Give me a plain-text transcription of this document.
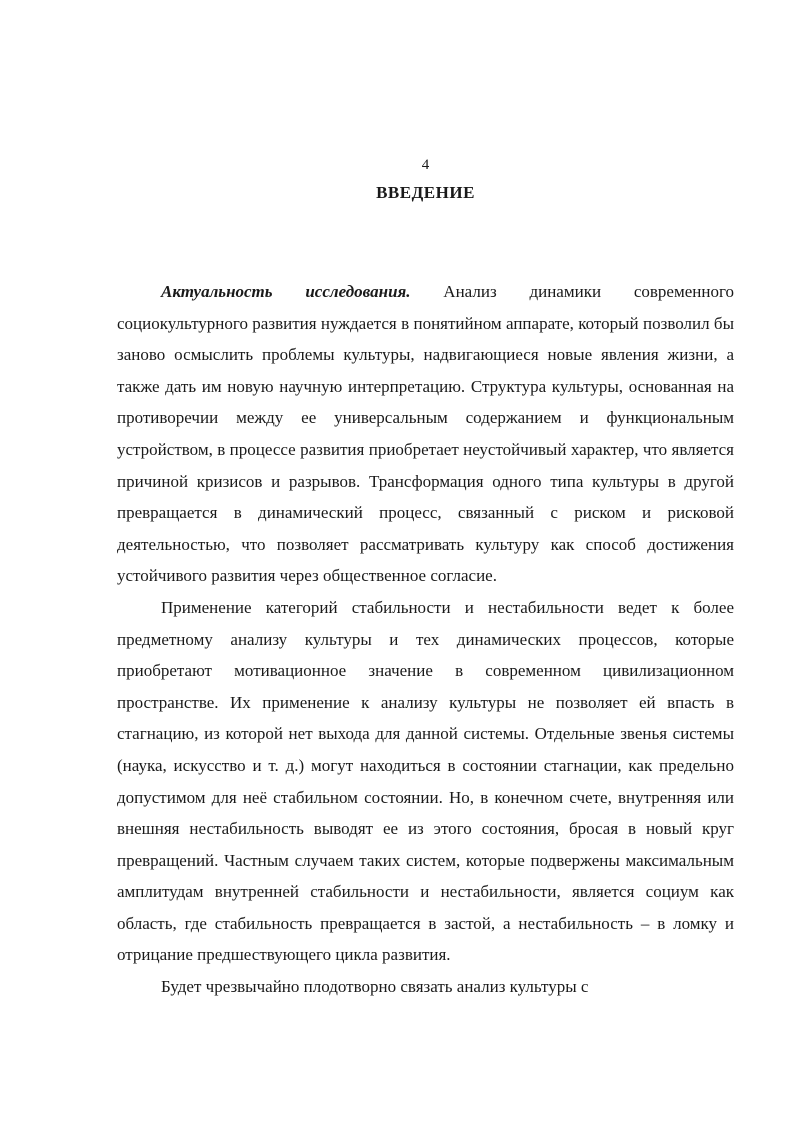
4

ВВЕДЕНИЕ

Актуальность исследования. Анализ динамики современного социокультурного развития нуждается в понятийном аппарате, который позволил бы заново осмыслить проблемы культуры, надвигающиеся новые явления жизни, а также дать им новую научную интерпретацию. Структура культуры, основанная на противоречии между ее универсальным содержанием и функциональным устройством, в процессе развития приобретает неустойчивый характер, что является причиной кризисов и разрывов. Трансформация одного типа культуры в другой превращается в динамический процесс, связанный с риском и рисковой деятельностью, что позволяет рассматривать культуру как способ достижения устойчивого развития через общественное согласие.

Применение категорий стабильности и нестабильности ведет к более предметному анализу культуры и тех динамических процессов, которые приобретают мотивационное значение в современном цивилизационном пространстве. Их применение к анализу культуры не позволяет ей впасть в стагнацию, из которой нет выхода для данной системы. Отдельные звенья системы (наука, искусство и т. д.) могут находиться в состоянии стагнации, как предельно допустимом для неё стабильном состоянии. Но, в конечном счете, внутренняя или внешняя нестабильность выводят ее из этого состояния, бросая в новый круг превращений. Частным случаем таких систем, которые подвержены максимальным амплитудам внутренней стабильности и нестабильности, является социум как область, где стабильность превращается в застой, а нестабильность – в ломку и отрицание предшествующего цикла развития.

Будет чрезвычайно плодотворно связать анализ культуры с
